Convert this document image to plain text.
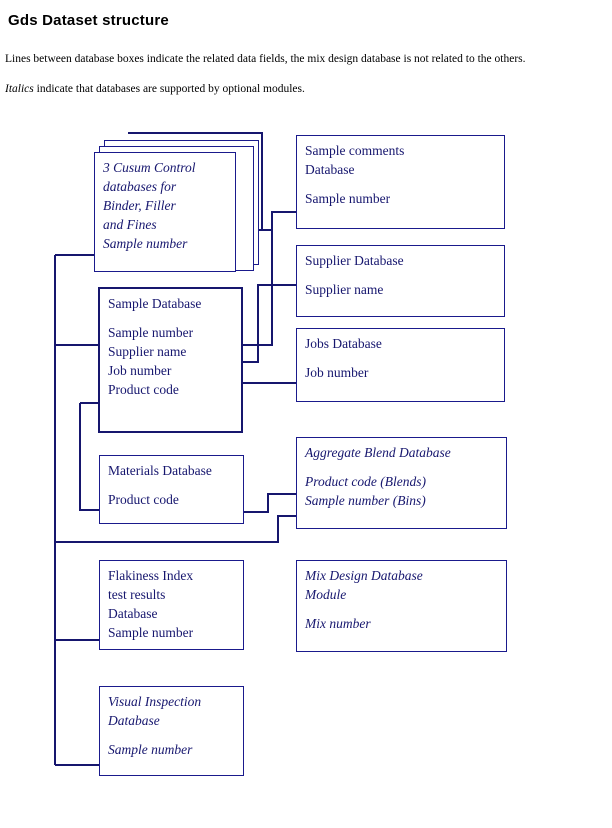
Gds Dataset structure
Lines between database boxes indicate the related data fields, the mix design database is not related to the others.
Italics indicate that databases are supported by optional modules.
3 Cusum Control
databases for
Binder, Filler
and Fines
Sample number
Sample Database
Sample number
Supplier name
Job number
Product code
Materials Database
Product code
Flakiness Index
test results
Database
Sample number
Visual Inspection
Database
Sample number
Sample comments
Database
Sample number
Supplier Database
Supplier name
Jobs Database
Job number
Aggregate Blend Database
Product code (Blends)
Sample number (Bins)
Mix Design Database
Module
Mix number
